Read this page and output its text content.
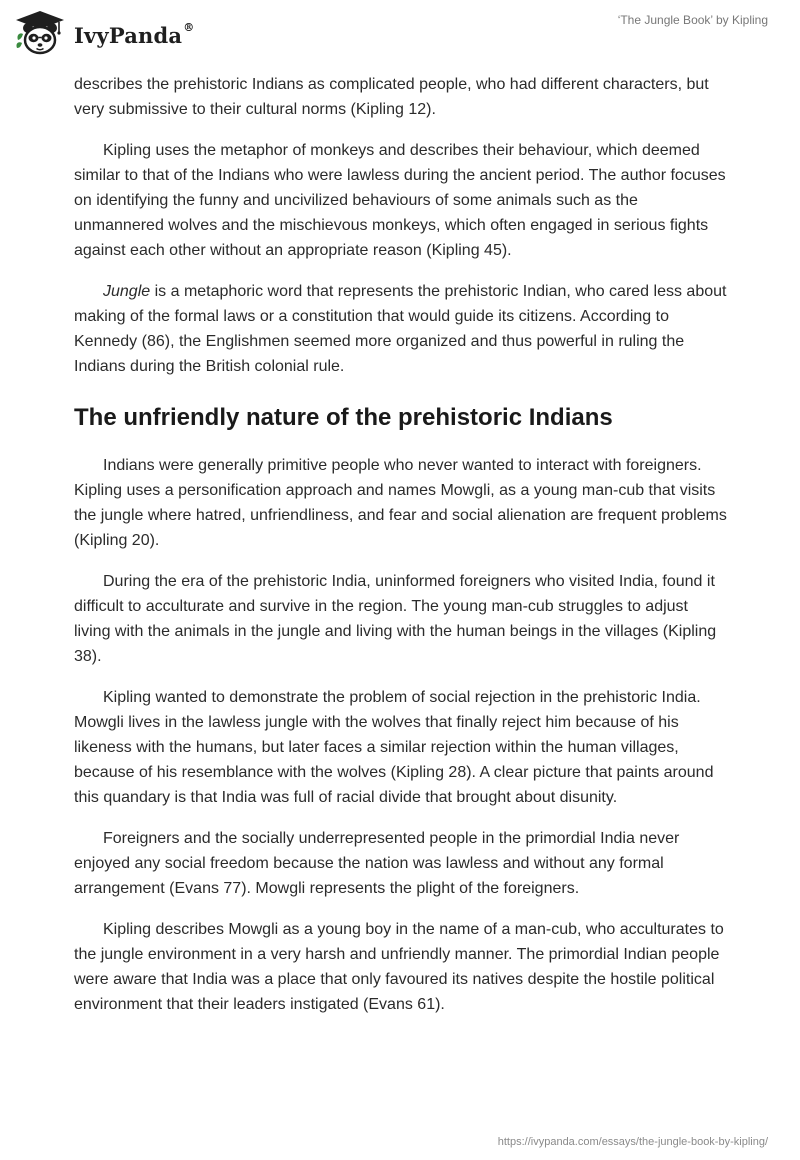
IvyPanda®	‘The Jungle Book’ by Kipling

describes the prehistoric Indians as complicated people, who had different characters, but very submissive to their cultural norms (Kipling 12).

Kipling uses the metaphor of monkeys and describes their behaviour, which deemed similar to that of the Indians who were lawless during the ancient period. The author focuses on identifying the funny and uncivilized behaviours of some animals such as the unmannered wolves and the mischievous monkeys, which often engaged in serious fights against each other without an appropriate reason (Kipling 45).

Jungle is a metaphoric word that represents the prehistoric Indian, who cared less about making of the formal laws or a constitution that would guide its citizens. According to Kennedy (86), the Englishmen seemed more organized and thus powerful in ruling the Indians during the British colonial rule.

The unfriendly nature of the prehistoric Indians

Indians were generally primitive people who never wanted to interact with foreigners. Kipling uses a personification approach and names Mowgli, as a young man-cub that visits the jungle where hatred, unfriendliness, and fear and social alienation are frequent problems (Kipling 20).

During the era of the prehistoric India, uninformed foreigners who visited India, found it difficult to acculturate and survive in the region. The young man-cub struggles to adjust living with the animals in the jungle and living with the human beings in the villages (Kipling 38).

Kipling wanted to demonstrate the problem of social rejection in the prehistoric India. Mowgli lives in the lawless jungle with the wolves that finally reject him because of his likeness with the humans, but later faces a similar rejection within the human villages, because of his resemblance with the wolves (Kipling 28). A clear picture that paints around this quandary is that India was full of racial divide that brought about disunity.

Foreigners and the socially underrepresented people in the primordial India never enjoyed any social freedom because the nation was lawless and without any formal arrangement (Evans 77). Mowgli represents the plight of the foreigners.

Kipling describes Mowgli as a young boy in the name of a man-cub, who acculturates to the jungle environment in a very harsh and unfriendly manner. The primordial Indian people were aware that India was a place that only favoured its natives despite the hostile political environment that their leaders instigated (Evans 61).

https://ivypanda.com/essays/the-jungle-book-by-kipling/
